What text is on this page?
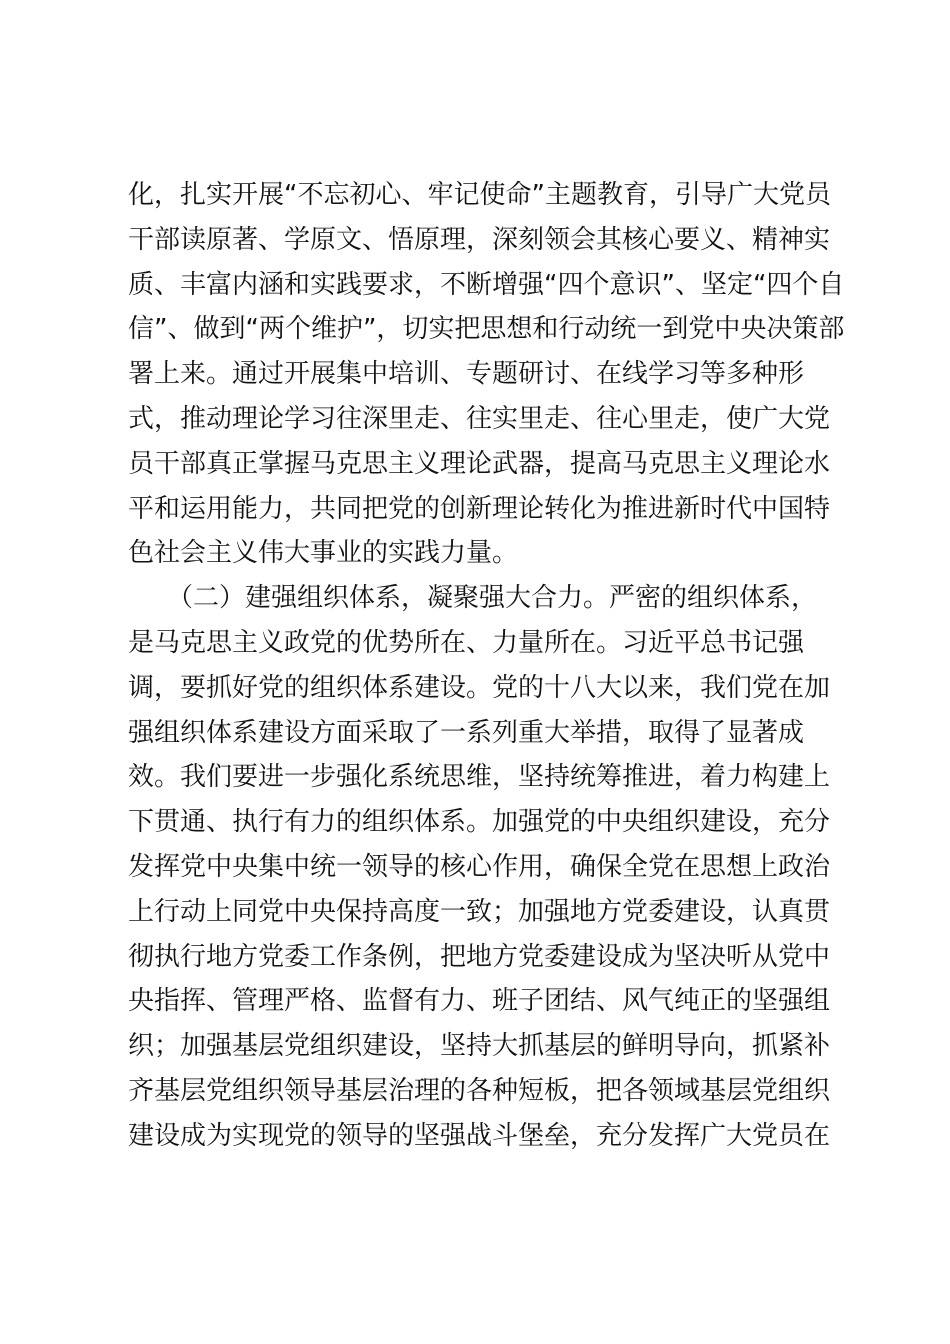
化，扎实开展“不忘初心、牢记使命”主题教育，引导广大党员
干部读原著、学原文、悟原理，深刻领会其核心要义、精神实
质、丰富内涵和实践要求，不断增强“四个意识”、坚定“四个自
信”、做到“两个维护”，切实把思想和行动统一到党中央决策部
署上来。通过开展集中培训、专题研讨、在线学习等多种形
式，推动理论学习往深里走、往实里走、往心里走，使广大党
员干部真正掌握马克思主义理论武器，提高马克思主义理论水
平和运用能力，共同把党的创新理论转化为推进新时代中国特
色社会主义伟大事业的实践力量。
　　（二）建强组织体系，凝聚强大合力。严密的组织体系，
是马克思主义政党的优势所在、力量所在。习近平总书记强
调，要抓好党的组织体系建设。党的十八大以来，我们党在加
强组织体系建设方面采取了一系列重大举措，取得了显著成
效。我们要进一步强化系统思维，坚持统筹推进，着力构建上
下贯通、执行有力的组织体系。加强党的中央组织建设，充分
发挥党中央集中统一领导的核心作用，确保全党在思想上政治
上行动上同党中央保持高度一致；加强地方党委建设，认真贯
彻执行地方党委工作条例，把地方党委建设成为坚决听从党中
央指挥、管理严格、监督有力、班子团结、风气纯正的坚强组
织；加强基层党组织建设，坚持大抓基层的鲜明导向，抓紧补
齐基层党组织领导基层治理的各种短板，把各领域基层党组织
建设成为实现党的领导的坚强战斗堡垒，充分发挥广大党员在
